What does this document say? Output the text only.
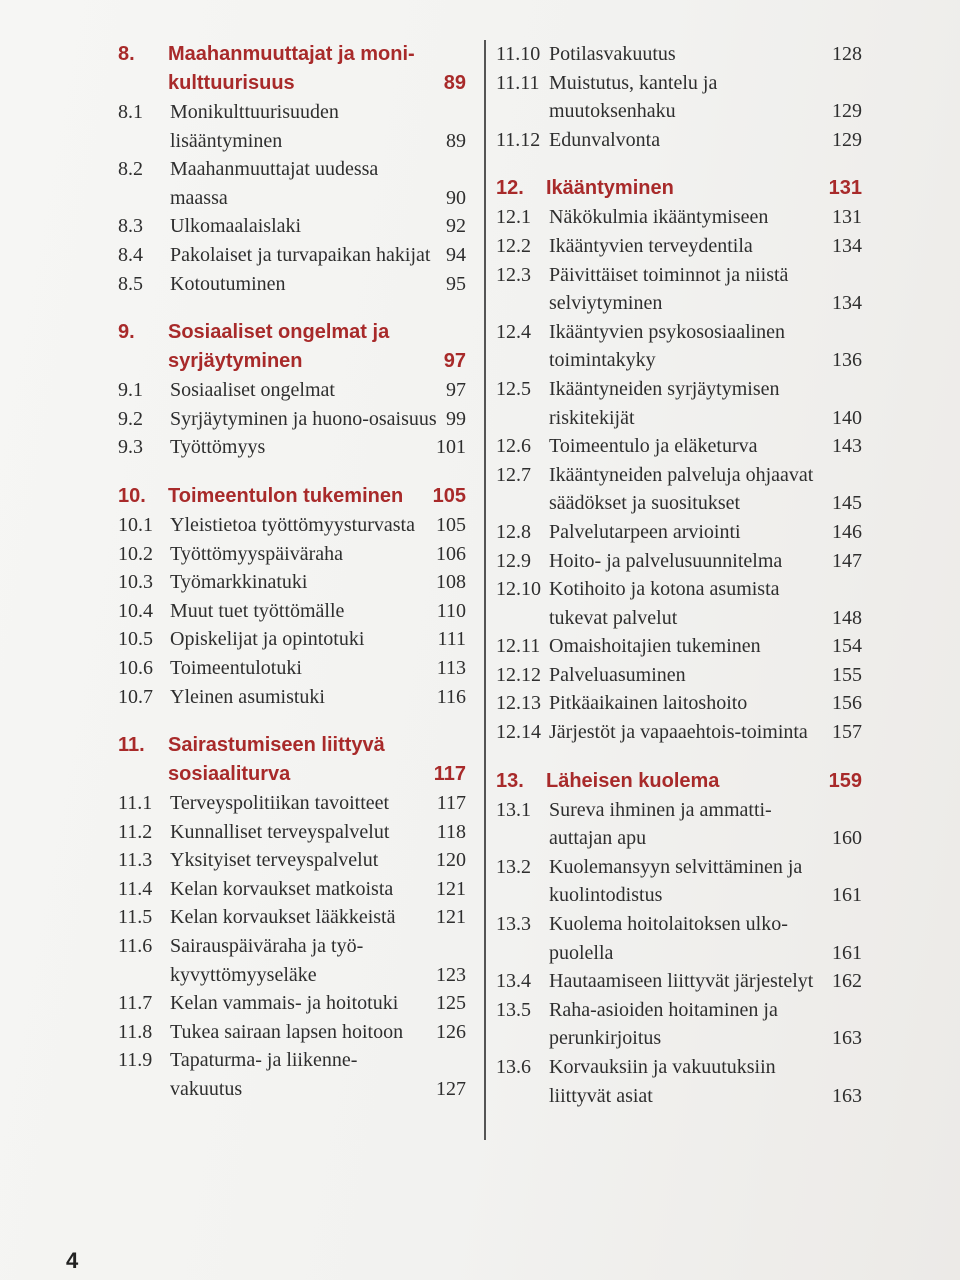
8.	Maahanmuuttajat ja moni-kulttuurisuus	89
8.1	Monikulttuurisuuden lisääntyminen	89
8.2	Maahanmuuttajat uudessa maassa	90
8.3	Ulkomaalaislaki	92
8.4	Pakolaiset ja turvapaikan hakijat 94
8.5	Kotoutuminen	95
9.	Sosiaaliset ongelmat ja syrjäytyminen	97
9.1	Sosiaaliset ongelmat	97
9.2	Syrjäytyminen ja huono-osaisuus 99
9.3	Työttömyys	101
10.	Toimeentulon tukeminen	105
10.1 Yleistietoa työttömyysturvasta	105
10.2 Työttömyyspäiväraha	106
10.3 Työmarkkinatuki	108
10.4 Muut tuet työttömälle	110
10.5 Opiskelijat ja opintotuki	111
10.6 Toimeentulotuki	113
10.7 Yleinen asumistuki	116
11.	Sairastumiseen liittyvä sosiaaliturva	117
11.1 Terveyspolitiikan tavoitteet	117
11.2 Kunnalliset terveyspalvelut	118
11.3 Yksityiset terveyspalvelut	120
11.4 Kelan korvaukset matkoista	121
11.5 Kelan korvaukset lääkkeistä	121
11.6 Sairauspäiväraha ja työ-kyvyttömyyseläke	123
11.7 Kelan vammais- ja hoitotuki	125
11.8 Tukea sairaan lapsen hoitoon	126
11.9 Tapaturma- ja liikenne-vakuutus	127
11.10 Potilasvakuutus	128
11.11 Muistutus, kantelu ja muutoksenhaku	129
11.12 Edunvalvonta	129
12.	Ikääntyminen	131
12.1 Näkökulmia ikääntymiseen	131
12.2 Ikääntyvien terveydentila	134
12.3 Päivittäiset toiminnot ja niistä selviytyminen	134
12.4 Ikääntyvien psykososiaalinen toimintakyky	136
12.5 Ikääntyneiden syrjäytymisen riskitekijät	140
12.6 Toimeentulo ja eläketurva	143
12.7 Ikääntyneiden palveluja ohjaavat säädökset ja suositukset	145
12.8 Palvelutarpeen arviointi	146
12.9 Hoito- ja palvelusuunnitelma	147
12.10 Kotihoito ja kotona asumista tukevat palvelut	148
12.11 Omaishoitajien tukeminen	154
12.12 Palveluasuminen	155
12.13 Pitkäaikainen laitoshoito	156
12.14 Järjestöt ja vapaaehtois-toiminta	157
13.	Läheisen kuolema	159
13.1 Sureva ihminen ja ammatti-auttajan apu	160
13.2 Kuolemansyyn selvittäminen ja kuolintodistus	161
13.3 Kuolema hoitolaitoksen ulko-puolella	161
13.4 Hautaamiseen liittyvät järjestelyt 162
13.5 Raha-asioiden hoitaminen ja perunkirjoitus	163
13.6 Korvauksiin ja vakuutuksiin liittyvät asiat	163
4
